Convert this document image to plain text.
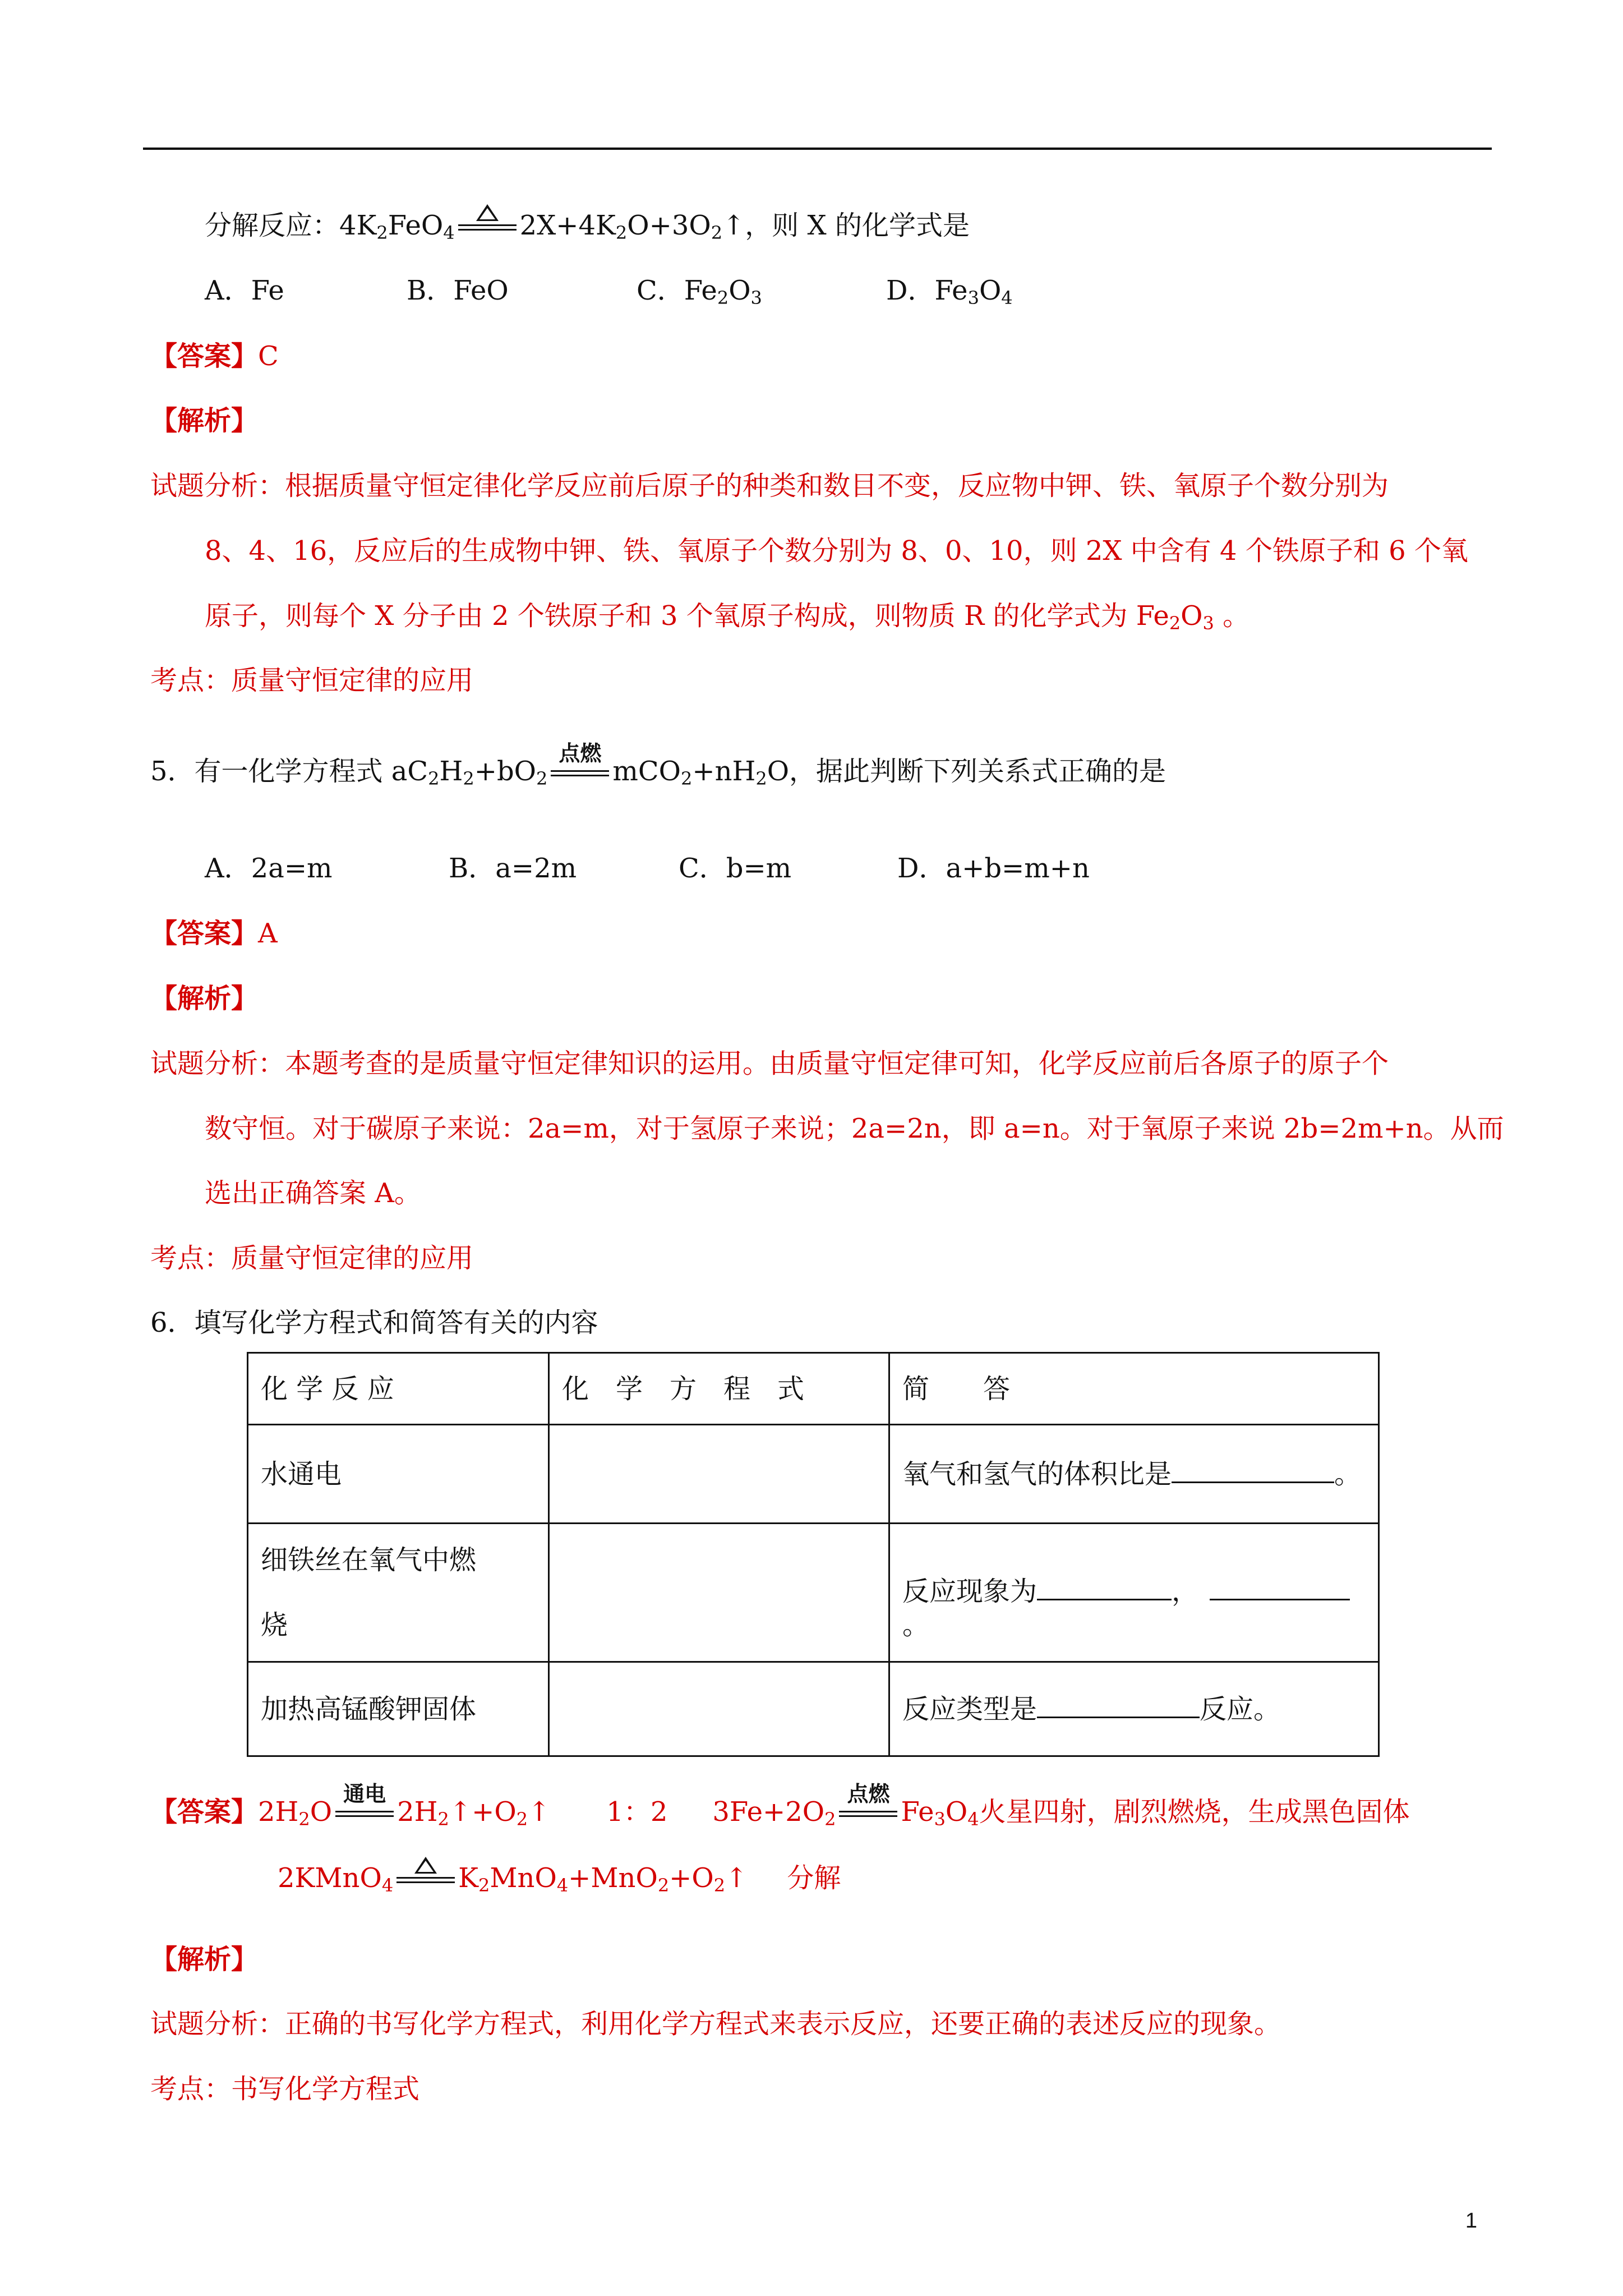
分解反应：$4K_2FeO_4$ $2X+4K_2O+3O_2↑$，则 X 的化学式是
A．Fe	B．FeO	C．$Fe_2O_3$	D．$Fe_3O_4$
【答案】C
【解析】
试题分析：根据质量守恒定律化学反应前后原子的种类和数目不变，反应物中钾、铁、氧原子个数分别为
8、4、16，反应后的生成物中钾、铁、氧原子个数分别为 8、0、10，则 2X 中含有 4 个铁原子和 6 个氧
原子，则每个 X 分子由 2 个铁原子和 3 个氧原子构成，则物质 R 的化学式为 $Fe_2O_3$ 。
考点：质量守恒定律的应用
5．有一化学方程式 $aC_2H_2+bO_2$
点燃
$mCO_2+nH_2O$，据此判断下列关系式正确的是
A．2a=m	B．a=2m	C．b=m	D．a+b=m+n
【答案】A
【解析】
试题分析：本题考查的是质量守恒定律知识的运用。由质量守恒定律可知，化学反应前后各原子的原子个
数守恒。对于碳原子来说：2a=m，对于氢原子来说；2a=2n，即 a=n。对于氧原子来说 2b=2m+n。从而
选出正确答案 A。
考点：质量守恒定律的应用
6．填写化学方程式和简答有关的内容
化 学 反 应	化　学　方　程　式	简　　答
水通电		氧气和氢气的体积比是 。
细铁丝在氧气中燃
烧		反应现象为 ，。
加热高锰酸钾固体		反应类型是 反应。
【答案】$2H_2O$
通电
$2H_2↑+O_2↑$ 1：2 $3Fe+2O_2$
点燃
$Fe_3O_4$火星四射，剧烈燃烧，生成黑色固体
2KMnO$_4$ $K_2MnO_4+MnO_2+O_2↑$ 分解
【解析】
试题分析：正确的书写化学方程式，利用化学方程式来表示反应，还要正确的表述反应的现象。
考点：书写化学方程式
1
